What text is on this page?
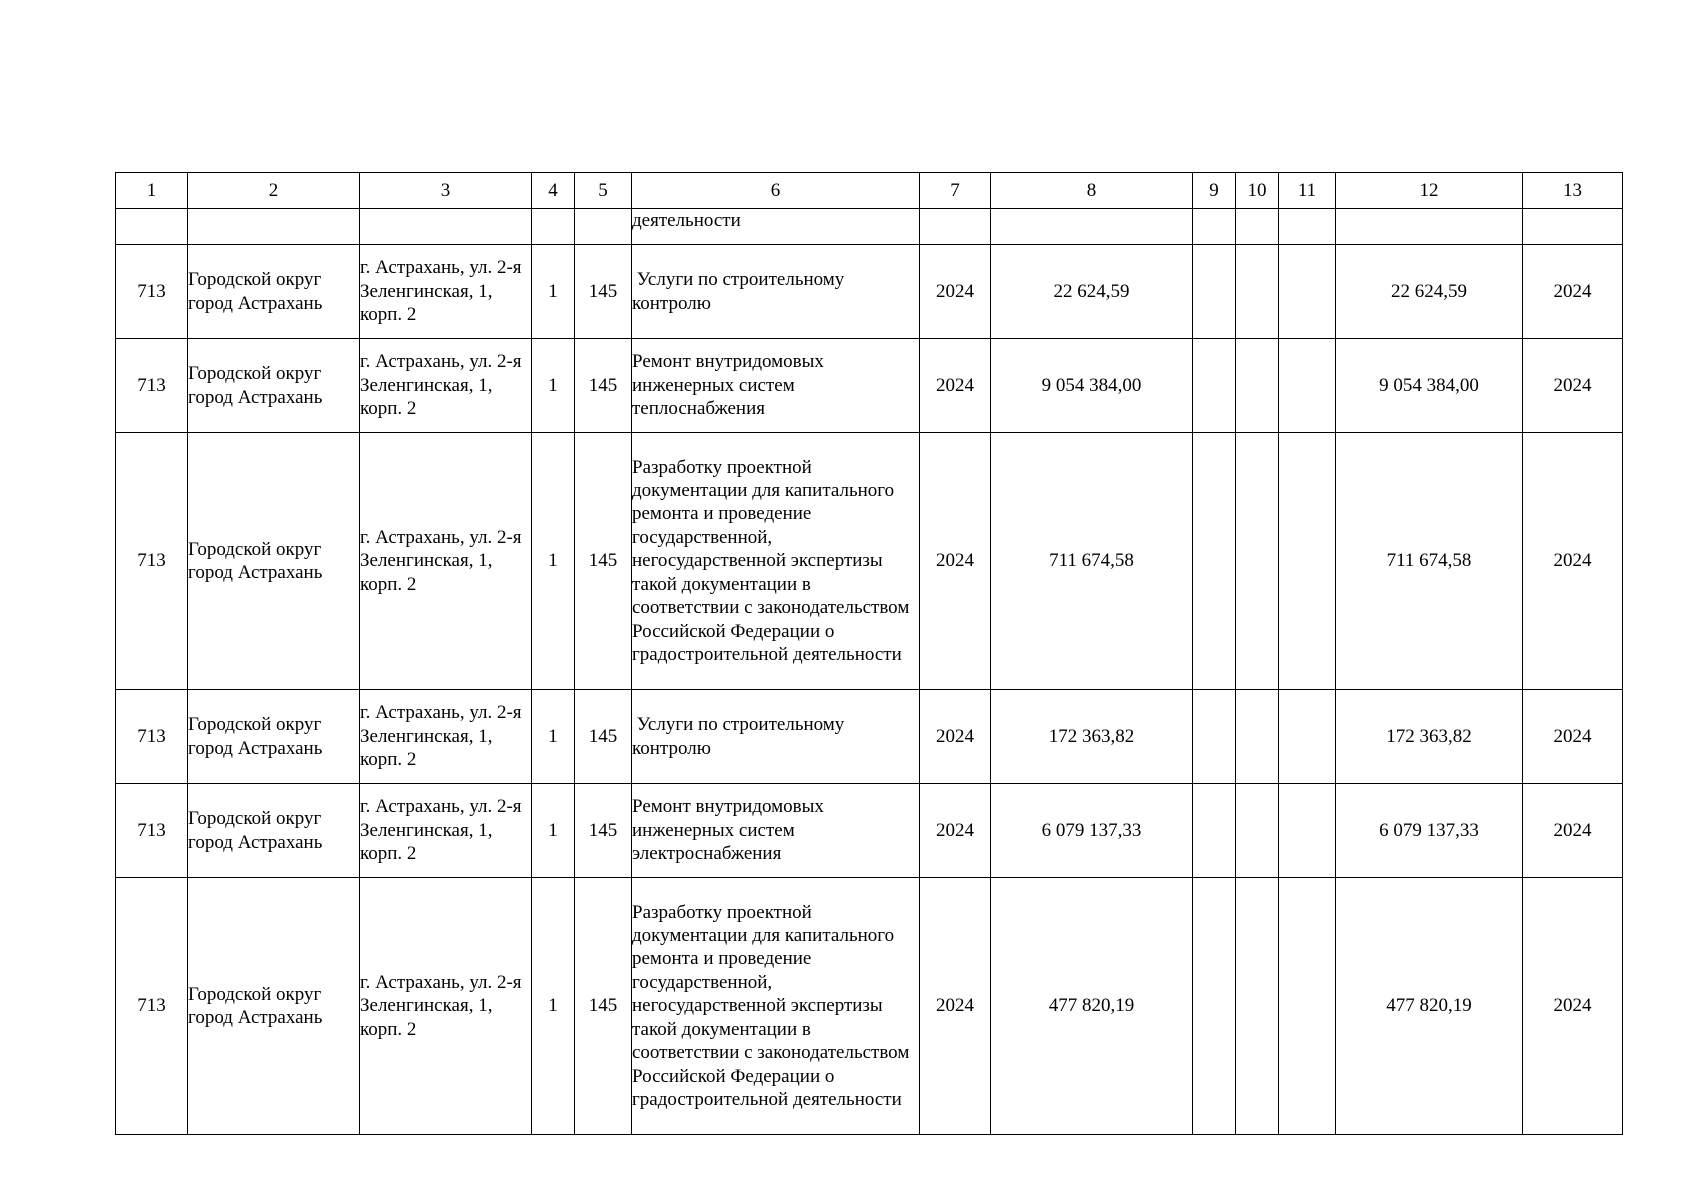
1	2	3	4	5	6	7	8	9	10	11	12	13
					деятельности							
713	Городской округ город Астрахань	г. Астрахань, ул. 2-я Зеленгинская, 1, корп. 2	1	145	Услуги по строительному контролю	2024	22 624,59				22 624,59	2024
713	Городской округ город Астрахань	г. Астрахань, ул. 2-я Зеленгинская, 1, корп. 2	1	145	Ремонт внутридомовых инженерных систем теплоснабжения	2024	9 054 384,00				9 054 384,00	2024
713	Городской округ город Астрахань	г. Астрахань, ул. 2-я Зеленгинская, 1, корп. 2	1	145	Разработку проектной документации для капитального ремонта и проведение государственной, негосударственной экспертизы такой документации в соответствии с законодательством Российской Федерации о градостроительной деятельности	2024	711 674,58				711 674,58	2024
713	Городской округ город Астрахань	г. Астрахань, ул. 2-я Зеленгинская, 1, корп. 2	1	145	Услуги по строительному контролю	2024	172 363,82				172 363,82	2024
713	Городской округ город Астрахань	г. Астрахань, ул. 2-я Зеленгинская, 1, корп. 2	1	145	Ремонт внутридомовых инженерных систем электроснабжения	2024	6 079 137,33				6 079 137,33	2024
713	Городской округ город Астрахань	г. Астрахань, ул. 2-я Зеленгинская, 1, корп. 2	1	145	Разработку проектной документации для капитального ремонта и проведение государственной, негосударственной экспертизы такой документации в соответствии с законодательством Российской Федерации о градостроительной деятельности	2024	477 820,19				477 820,19	2024
